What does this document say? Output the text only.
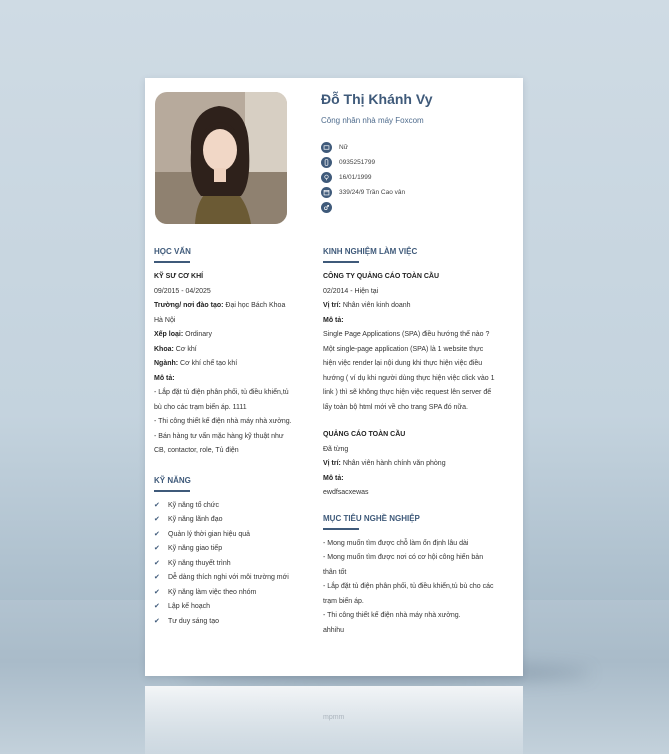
mpmm
Đỗ Thị Khánh Vy
Công nhân nhà máy Foxcom
Nữ
0935251799
16/01/1999
339/24/9 Trần Cao vân
HỌC VẤN
KỸ SƯ CƠ KHÍ
09/2015 - 04/2025
Trường/ nơi đào tạo: Đại học Bách Khoa
Hà Nội
Xếp loại: Ordinary
Khoa: Cơ khí
Ngành: Cơ khí chế tạo khí
Mô tả:
- Lắp đặt tủ điện phân phối, tủ điều khiển,tủ
bù cho các trạm biến áp. 1111
- Thi công thiết kế điện nhà máy nhà xưởng.
- Bán hàng tư vấn mặc hàng kỹ thuật như
CB, contactor, role, Tủ điện
KỸ NĂNG
✔	Kỹ năng tổ chức
✔	Kỹ năng lãnh đạo
✔	Quản lý thời gian hiệu quả
✔	Kỹ năng giao tiếp
✔	Kỹ năng thuyết trình
✔	Dễ dàng thích nghi với môi trường mới
✔	Kỹ năng làm việc theo nhóm
✔	Lập kế hoạch
✔	Tư duy sáng tạo
KINH NGHIỆM LÀM VIỆC
CÔNG TY QUẢNG CÁO TOÀN CẦU
02/2014 - Hiện tại
Vị trí: Nhân viên kinh doanh
Mô tả:
Single Page Applications (SPA) điều hướng thế nào ?
Một single-page application (SPA) là 1 website thực
hiện việc render lại nội dung khi thực hiện việc điều
hướng ( ví dụ khi người dùng thực hiện việc click vào 1
link ) thì sẽ không thực hiện việc request lên server để
lấy toàn bộ html mới về cho trang SPA đó nữa.
QUẢNG CÁO TOÀN CẦU
Đã từng
Vị trí: Nhân viên hành chính văn phòng
Mô tả:
ewdfsacxewas
MỤC TIÊU NGHỀ NGHIỆP
- Mong muốn tìm được chỗ làm ổn định lâu dài
- Mong muốn tìm được nơi có cơ hội công hiến bản
thân tốt
- Lắp đặt tủ điện phân phối, tủ điều khiển,tủ bù cho các
trạm biến áp.
- Thi công thiết kế điện nhà máy nhà xưởng.
ahhihu
